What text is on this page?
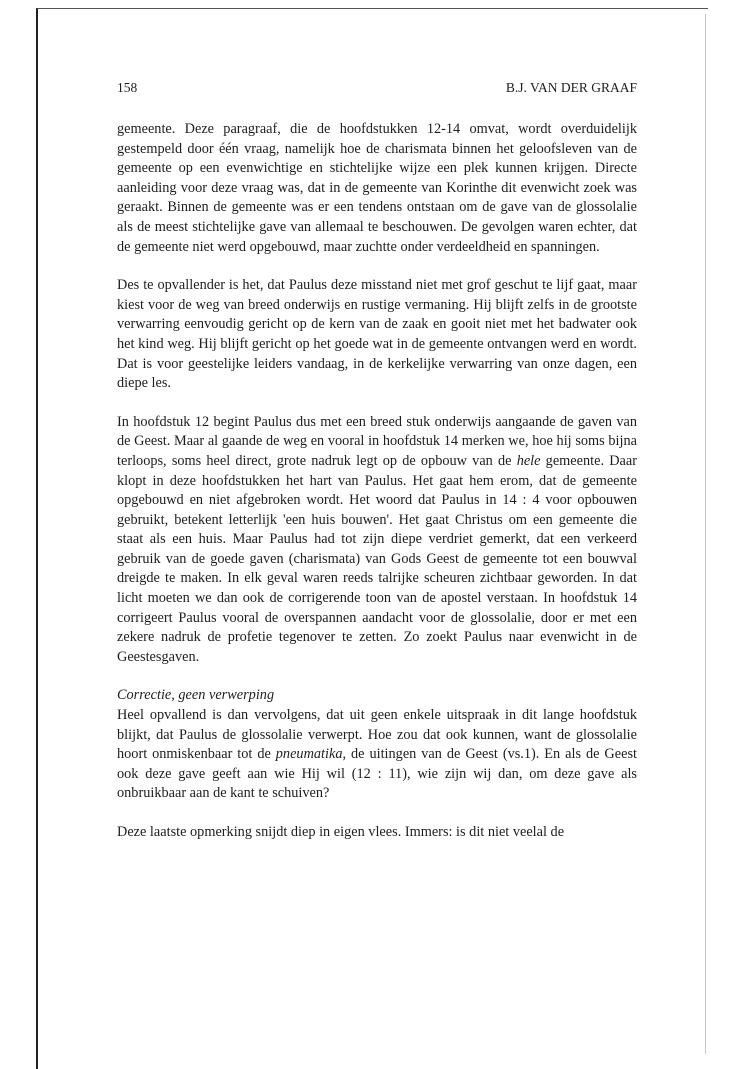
158	B.J. VAN DER GRAAF

gemeente. Deze paragraaf, die de hoofdstukken 12-14 omvat, wordt overduidelijk gestempeld door één vraag, namelijk hoe de charismata binnen het geloofsleven van de gemeente op een evenwichtige en stichtelijke wijze een plek kunnen krijgen. Directe aanleiding voor deze vraag was, dat in de gemeente van Korinthe dit evenwicht zoek was geraakt. Binnen de gemeente was er een tendens ontstaan om de gave van de glossolalie als de meest stichtelijke gave van allemaal te beschouwen. De gevolgen waren echter, dat de gemeente niet werd opgebouwd, maar zuchtte onder verdeeldheid en spanningen.

Des te opvallender is het, dat Paulus deze misstand niet met grof geschut te lijf gaat, maar kiest voor de weg van breed onderwijs en rustige vermaning. Hij blijft zelfs in de grootste verwarring eenvoudig gericht op de kern van de zaak en gooit niet met het badwater ook het kind weg. Hij blijft gericht op het goede wat in de gemeente ontvangen werd en wordt. Dat is voor geestelijke leiders vandaag, in de kerkelijke verwarring van onze dagen, een diepe les.

In hoofdstuk 12 begint Paulus dus met een breed stuk onderwijs aangaande de gaven van de Geest. Maar al gaande de weg en vooral in hoofdstuk 14 merken we, hoe hij soms bijna terloops, soms heel direct, grote nadruk legt op de opbouw van de hele gemeente. Daar klopt in deze hoofdstukken het hart van Paulus. Het gaat hem erom, dat de gemeente opgebouwd en niet afgebroken wordt. Het woord dat Paulus in 14 : 4 voor opbouwen gebruikt, betekent letterlijk 'een huis bouwen'. Het gaat Christus om een gemeente die staat als een huis. Maar Paulus had tot zijn diepe verdriet gemerkt, dat een verkeerd gebruik van de goede gaven (charismata) van Gods Geest de gemeente tot een bouwval dreigde te maken. In elk geval waren reeds talrijke scheuren zichtbaar geworden. In dat licht moeten we dan ook de corrigerende toon van de apostel verstaan. In hoofdstuk 14 corrigeert Paulus vooral de overspannen aandacht voor de glossolalie, door er met een zekere nadruk de profetie tegenover te zetten. Zo zoekt Paulus naar evenwicht in de Geestesgaven.

Correctie, geen verwerping

Heel opvallend is dan vervolgens, dat uit geen enkele uitspraak in dit lange hoofdstuk blijkt, dat Paulus de glossolalie verwerpt. Hoe zou dat ook kunnen, want de glossolalie hoort onmiskenbaar tot de pneumatika, de uitingen van de Geest (vs.1). En als de Geest ook deze gave geeft aan wie Hij wil (12 : 11), wie zijn wij dan, om deze gave als onbruikbaar aan de kant te schuiven?

Deze laatste opmerking snijdt diep in eigen vlees. Immers: is dit niet veelal de
